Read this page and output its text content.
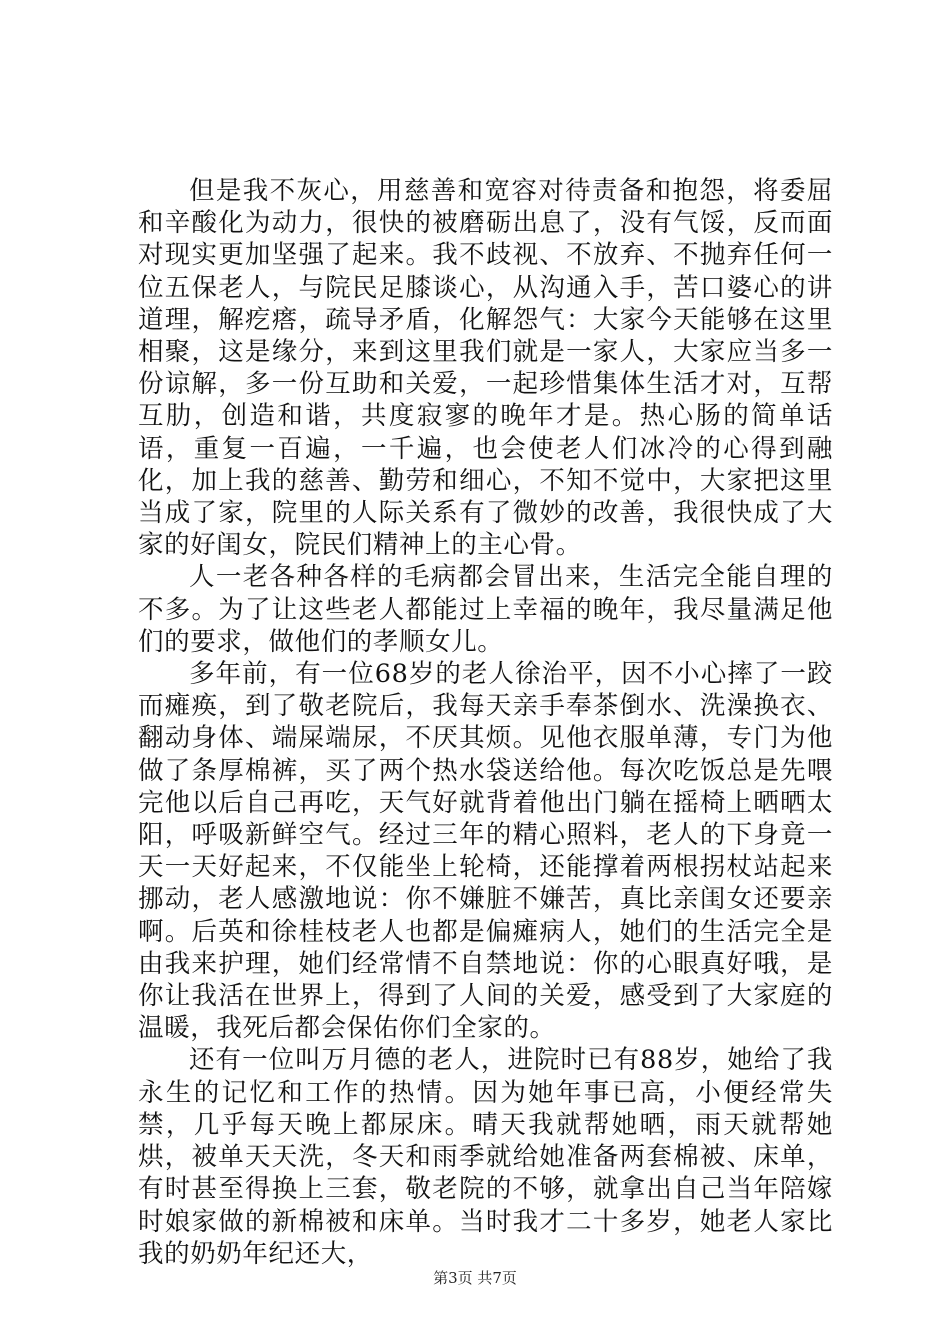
但是我不灰心，用慈善和宽容对待责备和抱怨，将委屈和辛酸化为动力，很快的被磨砺出息了，没有气馁，反而面对现实更加坚强了起来。我不歧视、不放弃、不抛弃任何一位五保老人，与院民足膝谈心，从沟通入手，苦口婆心的讲道理，解疙瘩，疏导矛盾，化解怨气：大家今天能够在这里相聚，这是缘分，来到这里我们就是一家人，大家应当多一份谅解，多一份互助和关爱，一起珍惜集体生活才对，互帮互肋，创造和谐，共度寂寥的晚年才是。热心肠的简单话语，重复一百遍，一千遍，也会使老人们冰冷的心得到融化，加上我的慈善、勤劳和细心，不知不觉中，大家把这里当成了家，院里的人际关系有了微妙的改善，我很快成了大家的好闺女，院民们精神上的主心骨。

人一老各种各样的毛病都会冒出来，生活完全能自理的不多。为了让这些老人都能过上幸福的晚年，我尽量满足他们的要求，做他们的孝顺女儿。

多年前，有一位68岁的老人徐治平，因不小心摔了一跤而瘫痪，到了敬老院后，我每天亲手奉茶倒水、洗澡换衣、翻动身体、端屎端尿，不厌其烦。见他衣服单薄，专门为他做了条厚棉裤，买了两个热水袋送给他。每次吃饭总是先喂完他以后自己再吃，天气好就背着他出门躺在摇椅上晒晒太阳，呼吸新鲜空气。经过三年的精心照料，老人的下身竟一天一天好起来，不仅能坐上轮椅，还能撑着两根拐杖站起来挪动，老人感激地说：你不嫌脏不嫌苦，真比亲闺女还要亲啊。后英和徐桂枝老人也都是偏瘫病人，她们的生活完全是由我来护理，她们经常情不自禁地说：你的心眼真好哦，是你让我活在世界上，得到了人间的关爱，感受到了大家庭的温暖，我死后都会保佑你们全家的。

还有一位叫万月德的老人，进院时已有88岁，她给了我永生的记忆和工作的热情。因为她年事已高，小便经常失禁，几乎每天晚上都尿床。晴天我就帮她晒，雨天就帮她烘，被单天天洗，冬天和雨季就给她准备两套棉被、床单，有时甚至得换上三套，敬老院的不够，就拿出自己当年陪嫁时娘家做的新棉被和床单。当时我才二十多岁，她老人家比我的奶奶年纪还大，

第3页 共7页
